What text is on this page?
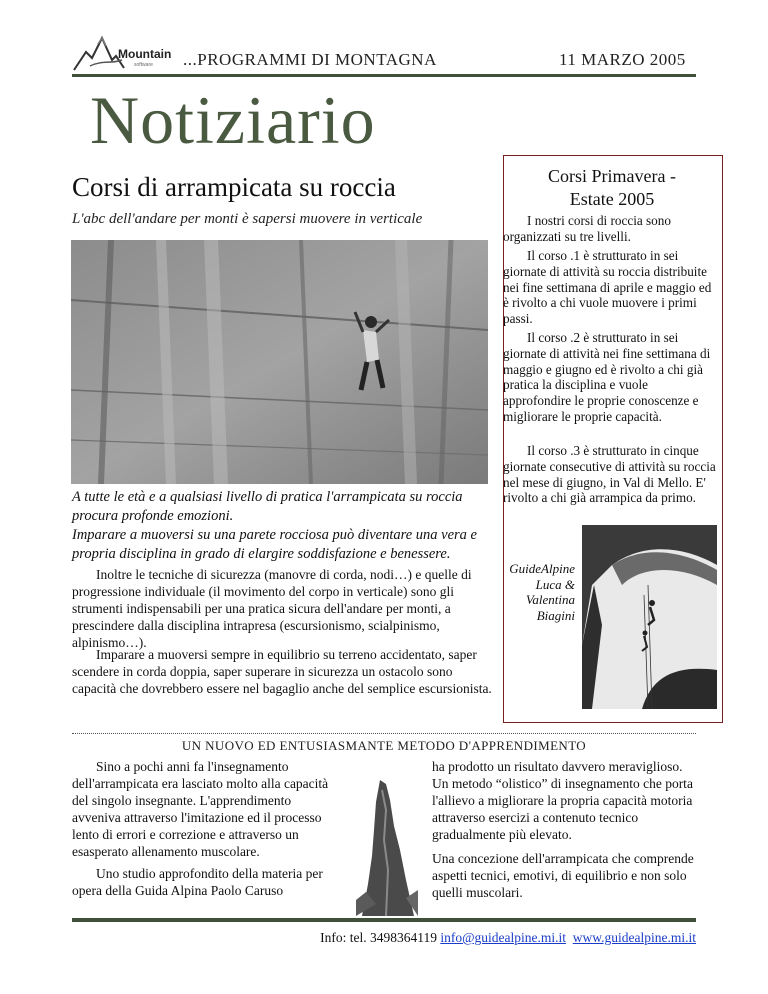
Mountain
software ...PROGRAMMI DI MONTAGNA	11 MARZO 2005
Notiziario
Corsi di arrampicata su roccia
L'abc dell'andare per monti è sapersi muovere in verticale
A tutte le età e a qualsiasi livello di pratica l'arrampicata su roccia procura profonde emozioni.
Imparare a muoversi su una parete rocciosa può diventare una vera e propria disciplina in grado di elargire soddisfazione e benessere.

Inoltre le tecniche di sicurezza (manovre di corda, nodi…) e quelle di progressione individuale (il movimento del corpo in verticale) sono gli strumenti indispensabili per una pratica sicura dell'andare per monti, a prescindere dalla disciplina intrapresa (escursionismo, scialpinismo, alpinismo…).

Imparare a muoversi sempre in equilibrio su terreno accidentato, saper scendere in corda doppia, saper superare in sicurezza un ostacolo sono capacità che dovrebbero essere nel bagaglio anche del semplice escursionista.

Corsi Primavera -
Estate 2005

I nostri corsi di roccia sono organizzati su tre livelli.

Il corso .1 è strutturato in sei giornate di attività su roccia distribuite nei fine settimana di aprile e maggio ed è rivolto a chi vuole muovere i primi passi.

Il corso .2 è strutturato in sei giornate di attività nei fine settimana di maggio e giugno ed è rivolto a chi già pratica la disciplina e vuole approfondire le proprie conoscenze e migliorare le proprie capacità.

Il corso .3 è strutturato in cinque giornate consecutive di attività su roccia nel mese di giugno, in Val di Mello. E' rivolto a chi già arrampica da primo.

GuideAlpine Luca & Valentina Biagini
UN NUOVO ED ENTUSIASMANTE METODO D'APPRENDIMENTO

Sino a pochi anni fa l'insegnamento dell'arrampicata era lasciato molto alla capacità del singolo insegnante. L'apprendimento avveniva attraverso l'imitazione ed il processo lento di errori e correzione e attraverso un esasperato allenamento muscolare.

Uno studio approfondito della materia per opera della Guida Alpina Paolo Caruso

ha prodotto un risultato davvero meraviglioso. Un metodo “olistico” di insegnamento che porta l'allievo a migliorare la propria capacità motoria attraverso esercizi a contenuto tecnico gradualmente più elevato.

Una concezione dell'arrampicata che comprende aspetti tecnici, emotivi, di equilibrio e non solo quelli muscolari.

Info: tel. 3498364119 info@guidealpine.mi.it www.guidealpine.mi.it
